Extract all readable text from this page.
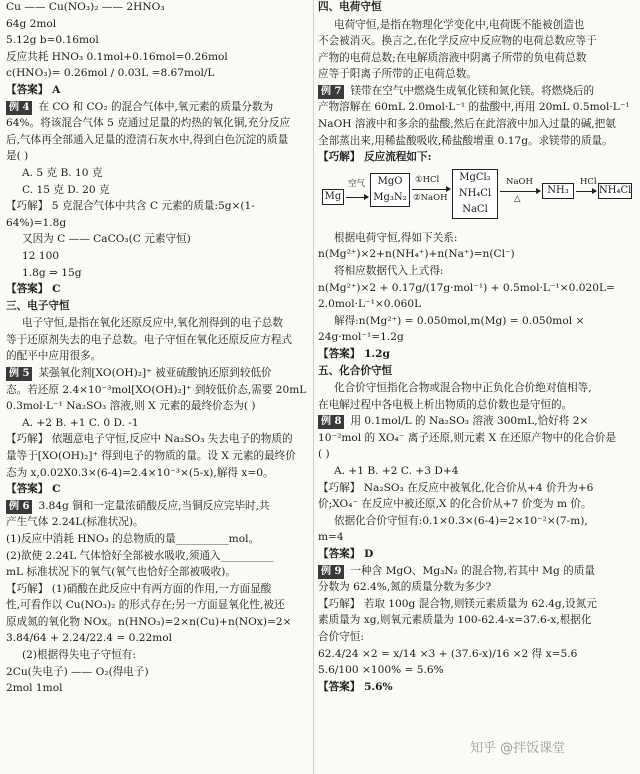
Cu —— Cu(NO₃)₂ —— 2HNO₃
64g 2mol
5.12g b=0.16mol
反应共耗 HNO₃ 0.1mol+0.16mol=0.26mol
c(HNO₃)= 0.26mol / 0.03L =8.67mol/L
【答案】 A
例 4 在 CO 和 CO₂ 的混合气体中,氧元素的质量分数为
64%。将该混合气体 5 克通过足量的灼热的氧化铜,充分反应
后,气体再全部通入足量的澄清石灰水中,得到白色沉淀的质量
是( )
A. 5 克 B. 10 克
C. 15 克 D. 20 克
【巧解】 5 克混合气体中共含 C 元素的质量:5g×(1-
64%)=1.8g
又因为 C —— CaCO₃(C 元素守恒)
12 100
1.8g ⇒ 15g
【答案】 C
三、电子守恒
电子守恒,是指在氧化还原反应中,氧化剂得到的电子总数
等于还原剂失去的电子总数。电子守恒在氧化还原反应方程式
的配平中应用很多。
例 5 某强氧化剂[XO(OH)₂]⁺ 被亚硫酸钠还原到较低价
态。若还原 2.4×10⁻³mol[XO(OH)₂]⁺ 到较低价态,需要 20mL
0.3mol·L⁻¹ Na₂SO₃ 溶液,则 X 元素的最终价态为( )
A. +2 B. +1 C. 0 D. -1
【巧解】 依题意电子守恒,反应中 Na₂SO₃ 失去电子的物质的
量等于[XO(OH)₂]⁺ 得到电子的物质的量。设 X 元素的最终价
态为 x,0.02X0.3×(6-4)=2.4×10⁻³×(5-x),解得 x=0。
【答案】 C
例 6 3.84g 铜和一定量浓硝酸反应,当铜反应完毕时,共
产生气体 2.24L(标准状况)。
(1)反应中消耗 HNO₃ 的总物质的量__________mol。
(2)欲使 2.24L 气体恰好全部被水吸收,须通入__________
mL 标准状况下的氧气(氧气也恰好全部被吸收)。
【巧解】 (1)硝酸在此反应中有两方面的作用,一方面显酸
性,可看作以 Cu(NO₃)₂ 的形式存在;另一方面显氧化性,被还
原成氮的氧化物 NOx。n(HNO₃)=2×n(Cu)+n(NOx)=2×
3.84/64 + 2.24/22.4 = 0.22mol
(2)根据得失电子守恒有:
2Cu(失电子) —— O₂(得电子)
2mol 1mol
四、电荷守恒
电荷守恒,是指在物理化学变化中,电荷既不能被创造也
不会被消灭。换言之,在化学反应中反应物的电荷总数应等于
产物的电荷总数;在电解质溶液中阴离子所带的负电荷总数
应等于阳离子所带的正电荷总数。
例 7 镁带在空气中燃烧生成氧化镁和氮化镁。将燃烧后的
产物溶解在 60mL 2.0mol·L⁻¹ 的盐酸中,再用 20mL 0.5mol·L⁻¹
NaOH 溶液中和多余的盐酸,然后在此溶液中加入过量的碱,把氨
全部蒸出来,用稀盐酸吸收,稀盐酸增重 0.17g。求镁带的质量。
【巧解】 反应流程如下:
Mg
空气	MgO
Mg₃N₂
①HCl
②NaOH
MgCl₂
NH₄Cl
NaCl
NaOH
△
NH₃
HCl
NH₄Cl
根据电荷守恒,得如下关系:
n(Mg²⁺)×2+n(NH₄⁺)+n(Na⁺)=n(Cl⁻)
将相应数据代入上式得:
n(Mg²⁺)×2 + 0.17g/(17g·mol⁻¹) + 0.5mol·L⁻¹×0.020L=
2.0mol·L⁻¹×0.060L
解得:n(Mg²⁺) = 0.050mol,m(Mg) = 0.050mol ×
24g·mol⁻¹=1.2g
【答案】 1.2g
五、化合价守恒
化合价守恒指化合物或混合物中正负化合价绝对值相等,
在电解过程中各电极上析出物质的总价数也是守恒的。
例 8 用 0.1mol/L 的 Na₂SO₃ 溶液 300mL,恰好将 2×
10⁻²mol 的 XO₄⁻ 离子还原,则元素 X 在还原产物中的化合价是
( )
A. +1 B. +2 C. +3 D+4
【巧解】 Na₂SO₃ 在反应中被氧化,化合价从+4 价升为+6
价;XO₄⁻ 在反应中被还原,X 的化合价从+7 价变为 m 价。
依据化合价守恒有:0.1×0.3×(6-4)=2×10⁻²×(7-m),
m=4
【答案】 D
例 9 一种含 MgO、Mg₃N₂ 的混合物,若其中 Mg 的质量
分数为 62.4%,氮的质量分数为多少?
【巧解】 若取 100g 混合物,则镁元素质量为 62.4g,设氮元
素质量为 xg,则氧元素质量为 100-62.4-x=37.6-x,根据化
合价守恒:
62.4/24 ×2 = x/14 ×3 + (37.6-x)/16 ×2 得 x=5.6
5.6/100 ×100% = 5.6%
【答案】 5.6%
知乎 @拌饭课堂
